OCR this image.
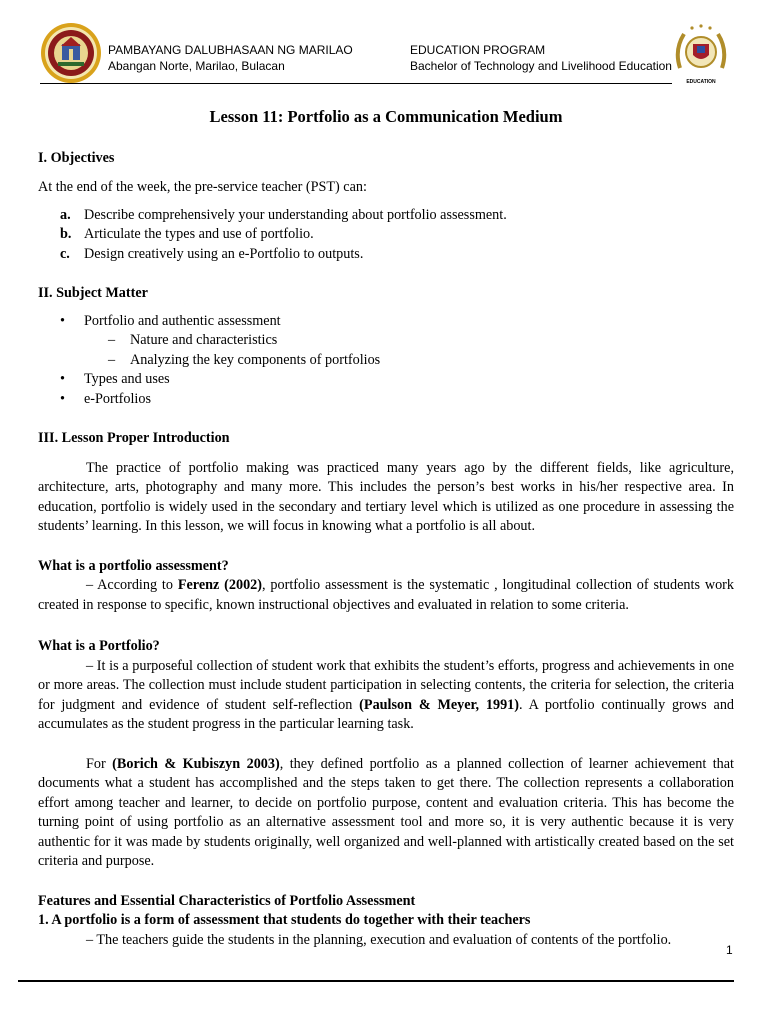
PAMBAYANG DALUBHASAAN NG MARILAO
Abangan Norte, Marilao, Bulacan
EDUCATION PROGRAM
Bachelor of Technology and Livelihood Education
EDUCATION
Lesson 11: Portfolio as a Communication Medium

I. Objectives

At the end of the week, the pre-service teacher (PST) can:

a. Describe comprehensively your understanding about portfolio assessment.
b. Articulate the types and use of portfolio.
c. Design creatively using an e-Portfolio to outputs.

II. Subject Matter

• Portfolio and authentic assessment
– Nature and characteristics
– Analyzing the key components of portfolios
• Types and uses
• e-Portfolios

III. Lesson Proper Introduction

The practice of portfolio making was practiced many years ago by the different fields, like agriculture, architecture, arts, photography and many more. This includes the person’s best works in his/her respective area. In education, portfolio is widely used in the secondary and tertiary level which is utilized as one procedure in assessing the students’ learning. In this lesson, we will focus in knowing what a portfolio is all about.

What is a portfolio assessment?

– According to Ferenz (2002), portfolio assessment is the systematic , longitudinal collection of students work created in response to specific, known instructional objectives and evaluated in relation to some criteria.

What is a Portfolio?

– It is a purposeful collection of student work that exhibits the student’s efforts, progress and achievements in one or more areas. The collection must include student participation in selecting contents, the criteria for selection, the criteria for judgment and evidence of student self-reflection (Paulson & Meyer, 1991). A portfolio continually grows and accumulates as the student progress in the particular learning task.

For (Borich & Kubiszyn 2003), they defined portfolio as a planned collection of learner achievement that documents what a student has accomplished and the steps taken to get there. The collection represents a collaboration effort among teacher and learner, to decide on portfolio purpose, content and evaluation criteria. This has become the turning point of using portfolio as an alternative assessment tool and more so, it is very authentic because it is very authentic for it was made by students originally, well organized and well-planned with artistically created based on the set criteria and purpose.

Features and Essential Characteristics of Portfolio Assessment

1. A portfolio is a form of assessment that students do together with their teachers

– The teachers guide the students in the planning, execution and evaluation of contents of the portfolio.

1
